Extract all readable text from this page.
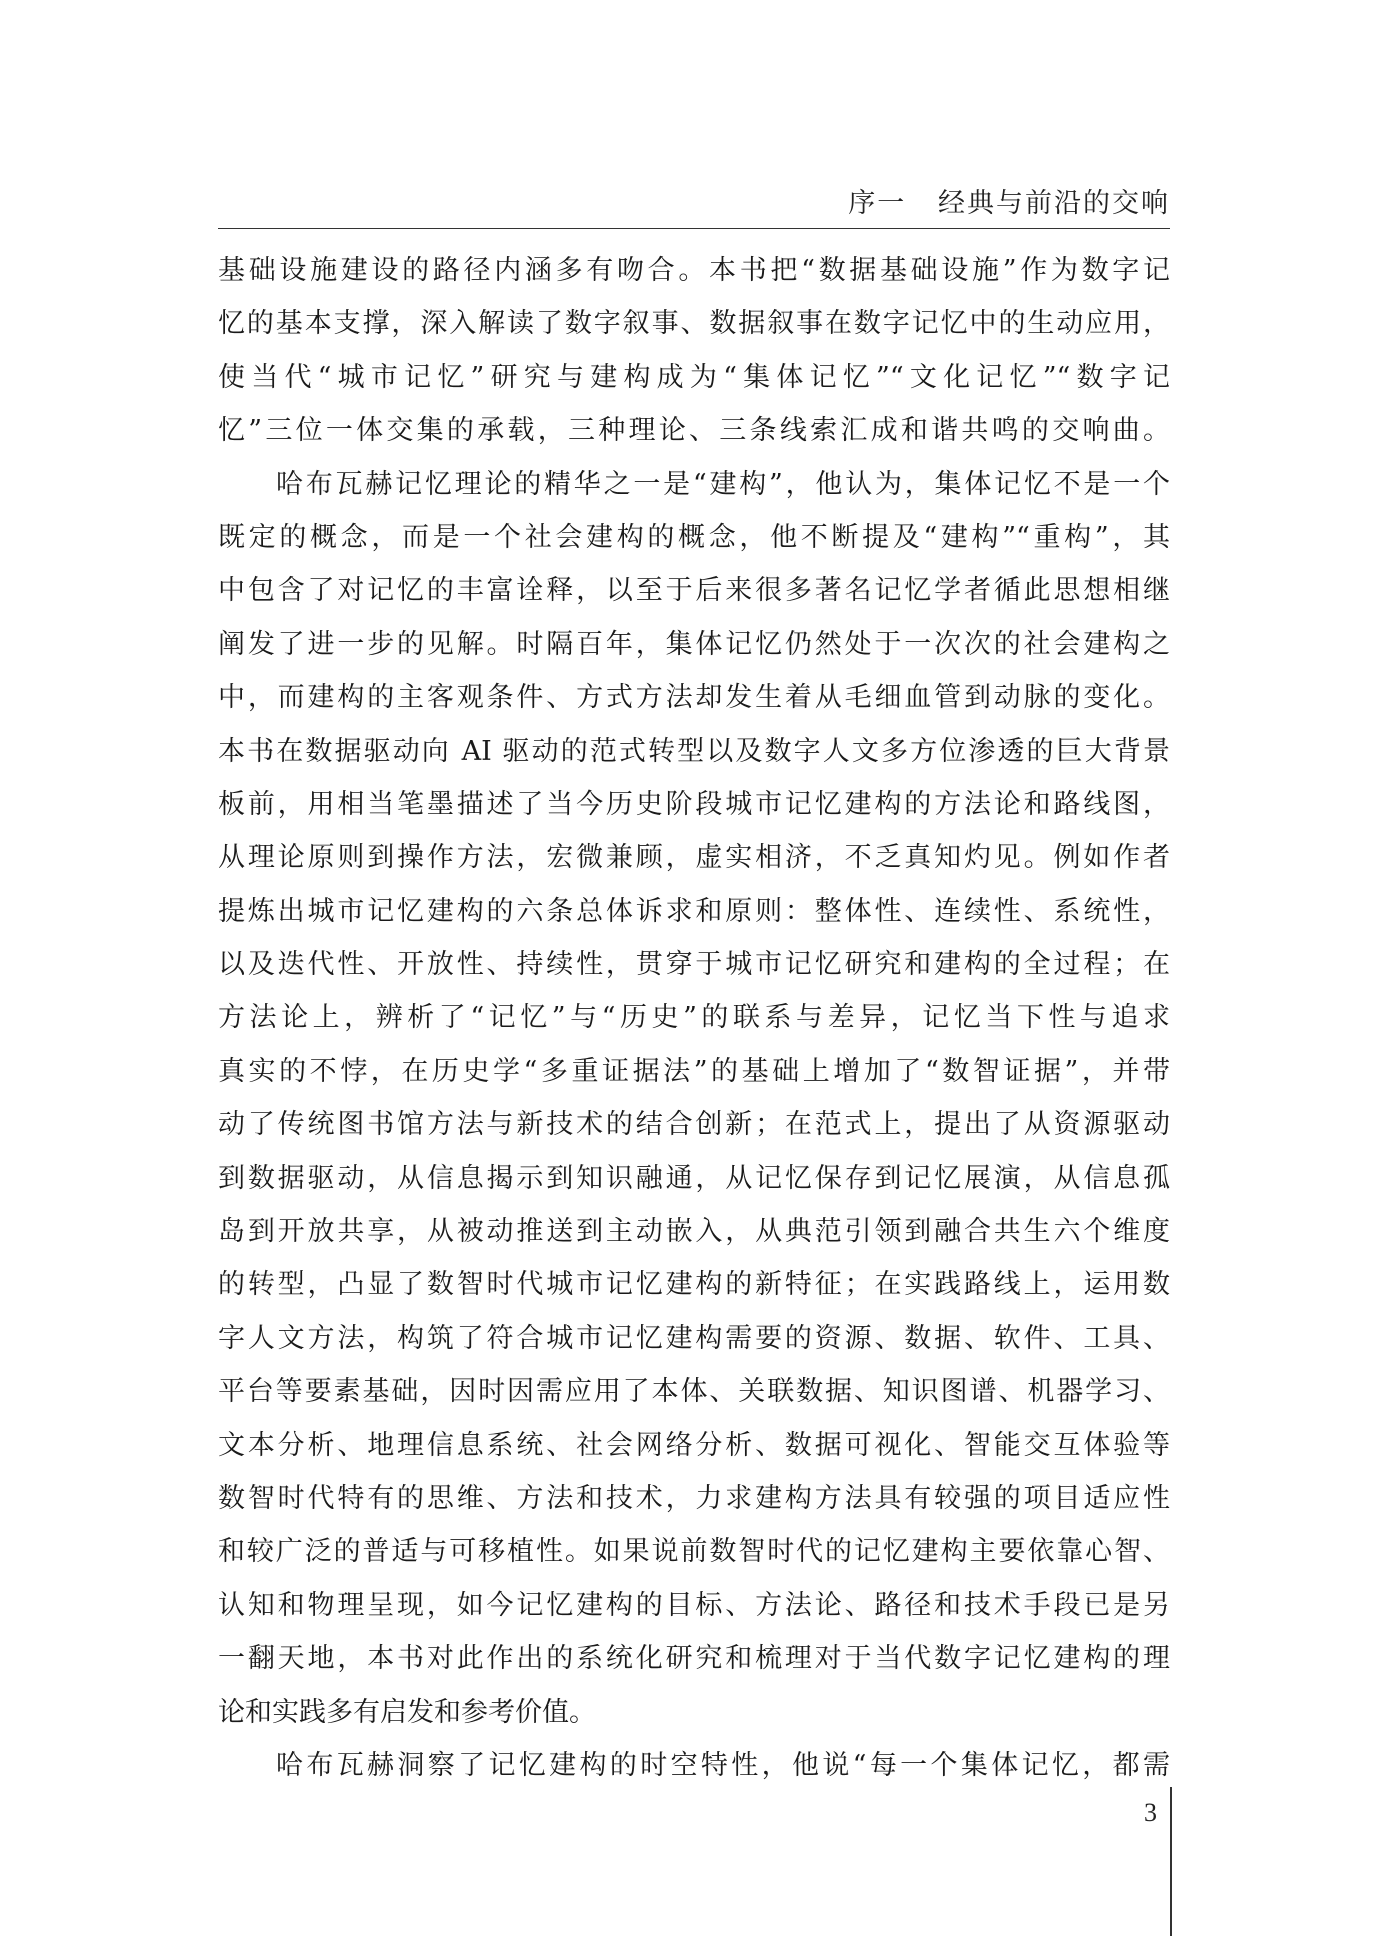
序一   经典与前沿的交响
基础设施建设的路径内涵多有吻合。本书把“数据基础设施”作为数字记
忆的基本支撑，深入解读了数字叙事、数据叙事在数字记忆中的生动应用，
使当代“城市记忆”研究与建构成为“集体记忆”“文化记忆”“数字记
忆”三位一体交集的承载，三种理论、三条线索汇成和谐共鸣的交响曲。
哈布瓦赫记忆理论的精华之一是“建构”，他认为，集体记忆不是一个
既定的概念，而是一个社会建构的概念，他不断提及“建构”“重构”，其
中包含了对记忆的丰富诠释，以至于后来很多著名记忆学者循此思想相继
阐发了进一步的见解。时隔百年，集体记忆仍然处于一次次的社会建构之
中，而建构的主客观条件、方式方法却发生着从毛细血管到动脉的变化。
本书在数据驱动向 AI 驱动的范式转型以及数字人文多方位渗透的巨大背景
板前，用相当笔墨描述了当今历史阶段城市记忆建构的方法论和路线图，
从理论原则到操作方法，宏微兼顾，虚实相济，不乏真知灼见。例如作者
提炼出城市记忆建构的六条总体诉求和原则：整体性、连续性、系统性，
以及迭代性、开放性、持续性，贯穿于城市记忆研究和建构的全过程；在
方法论上，辨析了“记忆”与“历史”的联系与差异，记忆当下性与追求
真实的不悖，在历史学“多重证据法”的基础上增加了“数智证据”，并带
动了传统图书馆方法与新技术的结合创新；在范式上，提出了从资源驱动
到数据驱动，从信息揭示到知识融通，从记忆保存到记忆展演，从信息孤
岛到开放共享，从被动推送到主动嵌入，从典范引领到融合共生六个维度
的转型，凸显了数智时代城市记忆建构的新特征；在实践路线上，运用数
字人文方法，构筑了符合城市记忆建构需要的资源、数据、软件、工具、
平台等要素基础，因时因需应用了本体、关联数据、知识图谱、机器学习、
文本分析、地理信息系统、社会网络分析、数据可视化、智能交互体验等
数智时代特有的思维、方法和技术，力求建构方法具有较强的项目适应性
和较广泛的普适与可移植性。如果说前数智时代的记忆建构主要依靠心智、
认知和物理呈现，如今记忆建构的目标、方法论、路径和技术手段已是另
一翻天地，本书对此作出的系统化研究和梳理对于当代数字记忆建构的理
论和实践多有启发和参考价值。
哈布瓦赫洞察了记忆建构的时空特性，他说“每一个集体记忆，都需
3
